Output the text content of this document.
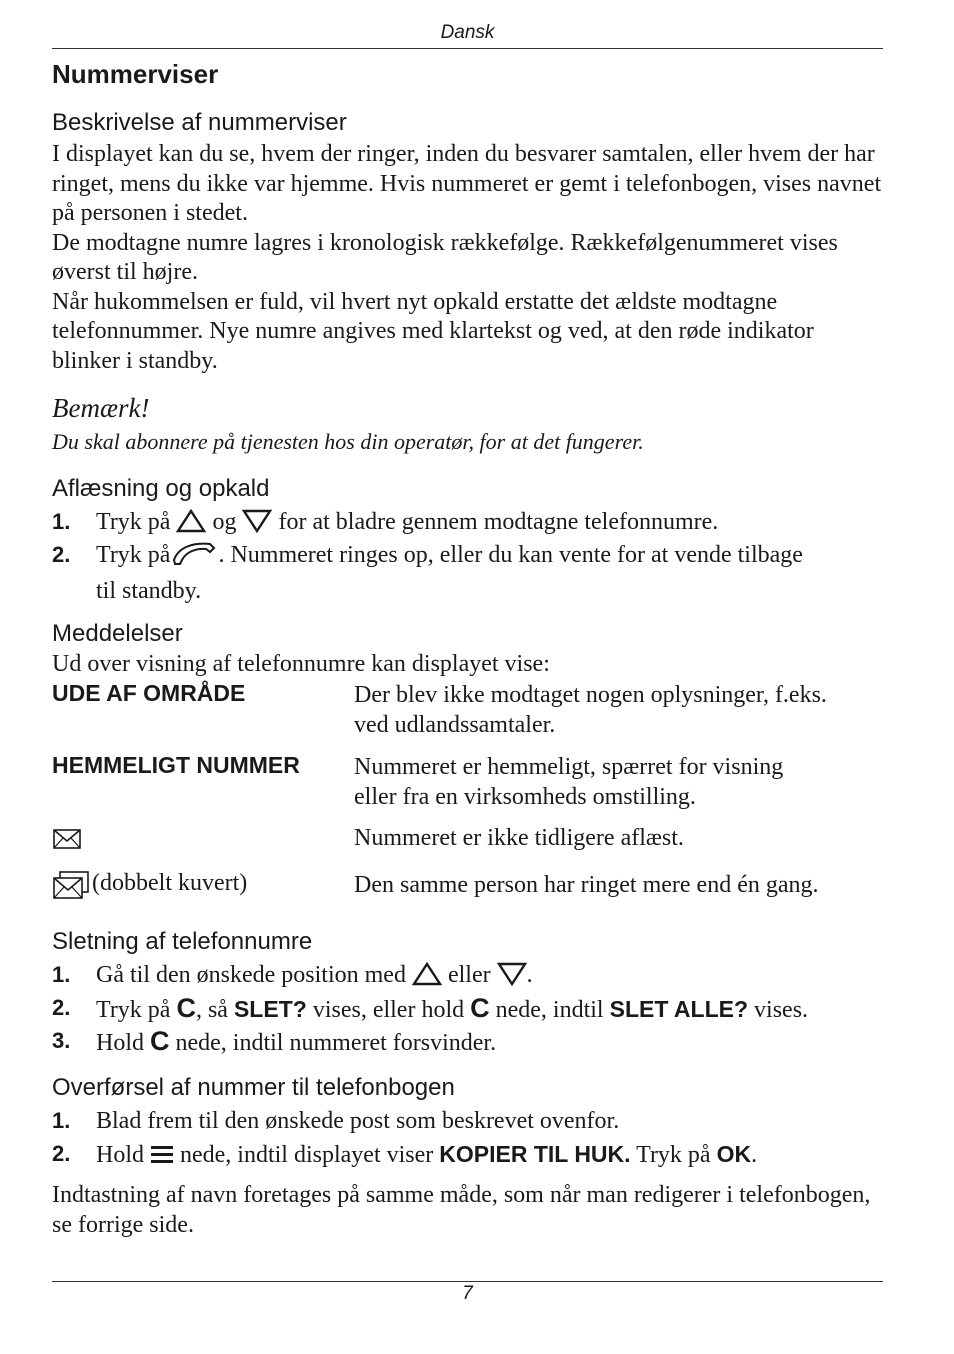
Dansk
Nummerviser
Beskrivelse af nummerviser

I displayet kan du se, hvem der ringer, inden du besvarer samtalen, eller hvem der har ringet, mens du ikke var hjemme. Hvis nummeret er gemt i telefonbogen, vises navnet på personen i stedet.

De modtagne numre lagres i kronologisk rækkefølge. Rækkefølgenummeret vises øverst til højre.

Når hukommelsen er fuld, vil hvert nyt opkald erstatte det ældste modtagne telefonnummer. Nye numre angives med klartekst og ved, at den røde indikator blinker i standby.

Bemærk!
Du skal abonnere på tjenesten hos din operatør, for at det fungerer.
Aflæsning og opkald
1. Tryk på og for at bladre gennem modtagne telefonnumre.
2. Tryk på . Nummeret ringes op, eller du kan vente for at vende tilbage
til standby.
Meddelelser
Ud over visning af telefonnumre kan displayet vise:
UDE AF OMRÅDE	Der blev ikke modtaget nogen oplysninger, f.eks.
ved udlandssamtaler.
HEMMELIGT NUMMER Nummeret er hemmeligt, spærret for visning
eller fra en virksomheds omstilling.
Nummeret er ikke tidligere aflæst.
(dobbelt kuvert)	Den samme person har ringet mere end én gang.
Sletning af telefonnumre
1. Gå til den ønskede position med eller .
2. Tryk på C, så SLET? vises, eller hold C nede, indtil SLET ALLE? vises.
3. Hold C nede, indtil nummeret forsvinder.
Overførsel af nummer til telefonbogen
1. Blad frem til den ønskede post som beskrevet ovenfor.
2. Hold nede, indtil displayet viser KOPIER TIL HUK. Tryk på OK.

Indtastning af navn foretages på samme måde, som når man redigerer i telefonbogen, se forrige side.

7
